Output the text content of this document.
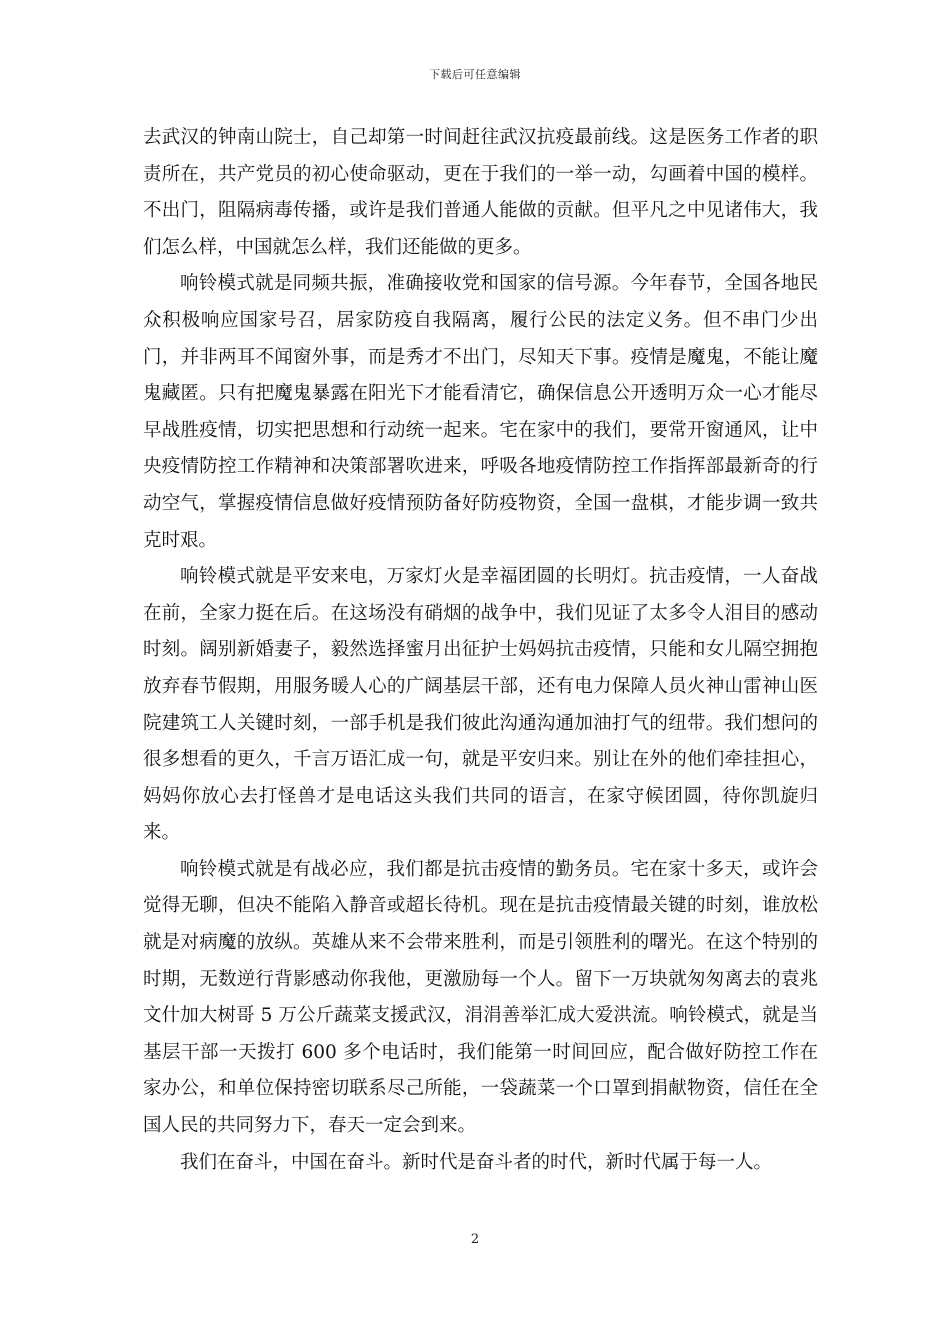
下载后可任意编辑

去武汉的钟南山院士，自己却第一时间赶往武汉抗疫最前线。这是医务工作者的职责所在，共产党员的初心使命驱动，更在于我们的一举一动，勾画着中国的模样。不出门，阻隔病毒传播，或许是我们普通人能做的贡献。但平凡之中见诸伟大，我们怎么样，中国就怎么样，我们还能做的更多。

响铃模式就是同频共振，准确接收党和国家的信号源。今年春节，全国各地民众积极响应国家号召，居家防疫自我隔离，履行公民的法定义务。但不串门少出门，并非两耳不闻窗外事，而是秀才不出门，尽知天下事。疫情是魔鬼，不能让魔鬼藏匿。只有把魔鬼暴露在阳光下才能看清它，确保信息公开透明万众一心才能尽早战胜疫情，切实把思想和行动统一起来。宅在家中的我们，要常开窗通风，让中央疫情防控工作精神和决策部署吹进来，呼吸各地疫情防控工作指挥部最新奇的行动空气，掌握疫情信息做好疫情预防备好防疫物资，全国一盘棋，才能步调一致共克时艰。

响铃模式就是平安来电，万家灯火是幸福团圆的长明灯。抗击疫情，一人奋战在前，全家力挺在后。在这场没有硝烟的战争中，我们见证了太多令人泪目的感动时刻。阔别新婚妻子，毅然选择蜜月出征护士妈妈抗击疫情，只能和女儿隔空拥抱放弃春节假期，用服务暖人心的广阔基层干部，还有电力保障人员火神山雷神山医院建筑工人关键时刻，一部手机是我们彼此沟通沟通加油打气的纽带。我们想问的很多想看的更久，千言万语汇成一句，就是平安归来。别让在外的他们牵挂担心，妈妈你放心去打怪兽才是电话这头我们共同的语言，在家守候团圆，待你凯旋归来。

响铃模式就是有战必应，我们都是抗击疫情的勤务员。宅在家十多天，或许会觉得无聊，但决不能陷入静音或超长待机。现在是抗击疫情最关键的时刻，谁放松就是对病魔的放纵。英雄从来不会带来胜利，而是引领胜利的曙光。在这个特别的时期，无数逆行背影感动你我他，更激励每一个人。留下一万块就匆匆离去的袁兆文什加大树哥 5 万公斤蔬菜支援武汉，涓涓善举汇成大爱洪流。响铃模式，就是当基层干部一天拨打 600 多个电话时，我们能第一时间回应，配合做好防控工作在家办公，和单位保持密切联系尽己所能，一袋蔬菜一个口罩到捐献物资，信任在全国人民的共同努力下，春天一定会到来。

我们在奋斗，中国在奋斗。新时代是奋斗者的时代，新时代属于每一人。

2
